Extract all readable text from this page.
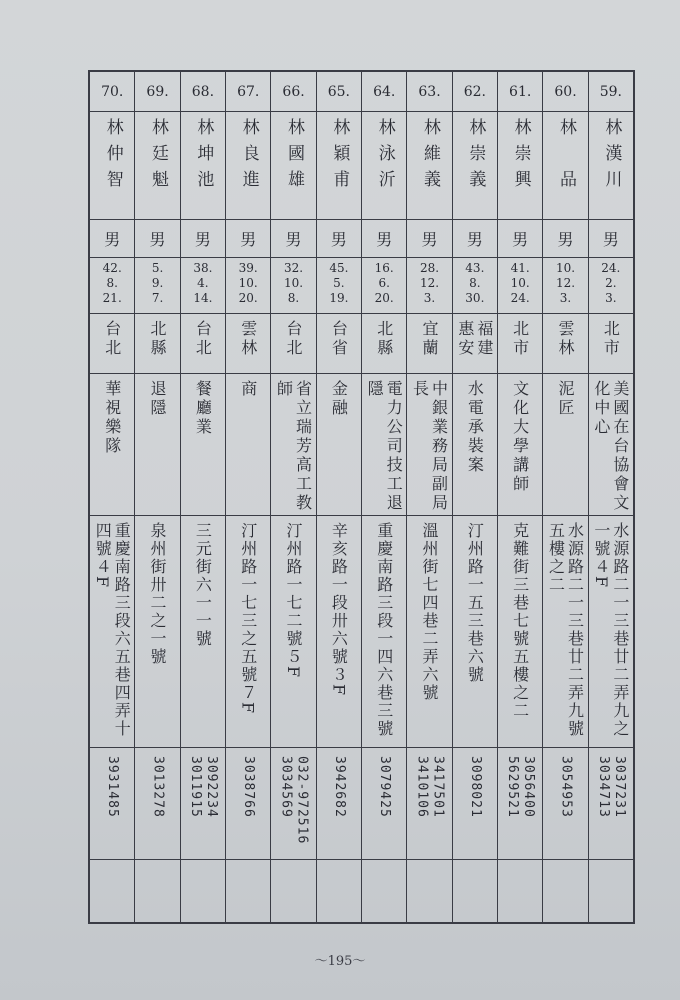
59.
林漢川
男
24.
2.
3.
北市
美國在台協會文
化中心
水源路二一三巷廿二弄九之
一號４F
3037231
3034713
60.
林　品
男
10.
12.
3.
雲林
泥匠
水源路二一三巷廿二弄九號
五樓之二
3054953
61.
林崇興
男
41.
10.
24.
北市
文化大學講師
克難街三巷七號五樓之二
3056400
5629521
62.
林崇義
男
43.
8.
30.
福建
惠安
水電承裝案
汀州路一五三巷六號
3098021
63.
林維義
男
28.
12.
3.
宜蘭
中銀業務局副局
長
溫州街七四巷二弄六號
3417501
3410106
64.
林泳沂
男
16.
6.
20.
北縣
電力公司技工退
隱
重慶南路三段一四六巷三號
3079425
65.
林穎甫
男
45.
5.
19.
台省
金融
辛亥路一段卅六號３F
3942682
66.
林國雄
男
32.
10.
8.
台北
省立瑞芳高工教
師
汀州路一七二號５F
032-972516
3034569
67.
林良進
男
39.
10.
20.
雲林
商
汀州路一七三之五號７F
3038766
68.
林坤池
男
38.
4.
14.
台北
餐廳業
三元街六一一號
3092234
3011915
69.
林廷魁
男
5.
9.
7.
北縣
退隱
泉州街卅二之一號
3013278
70.
林仲智
男
42.
8.
21.
台北
華視樂隊
重慶南路三段六五巷四弄十
四號４F
3931485
～195～
